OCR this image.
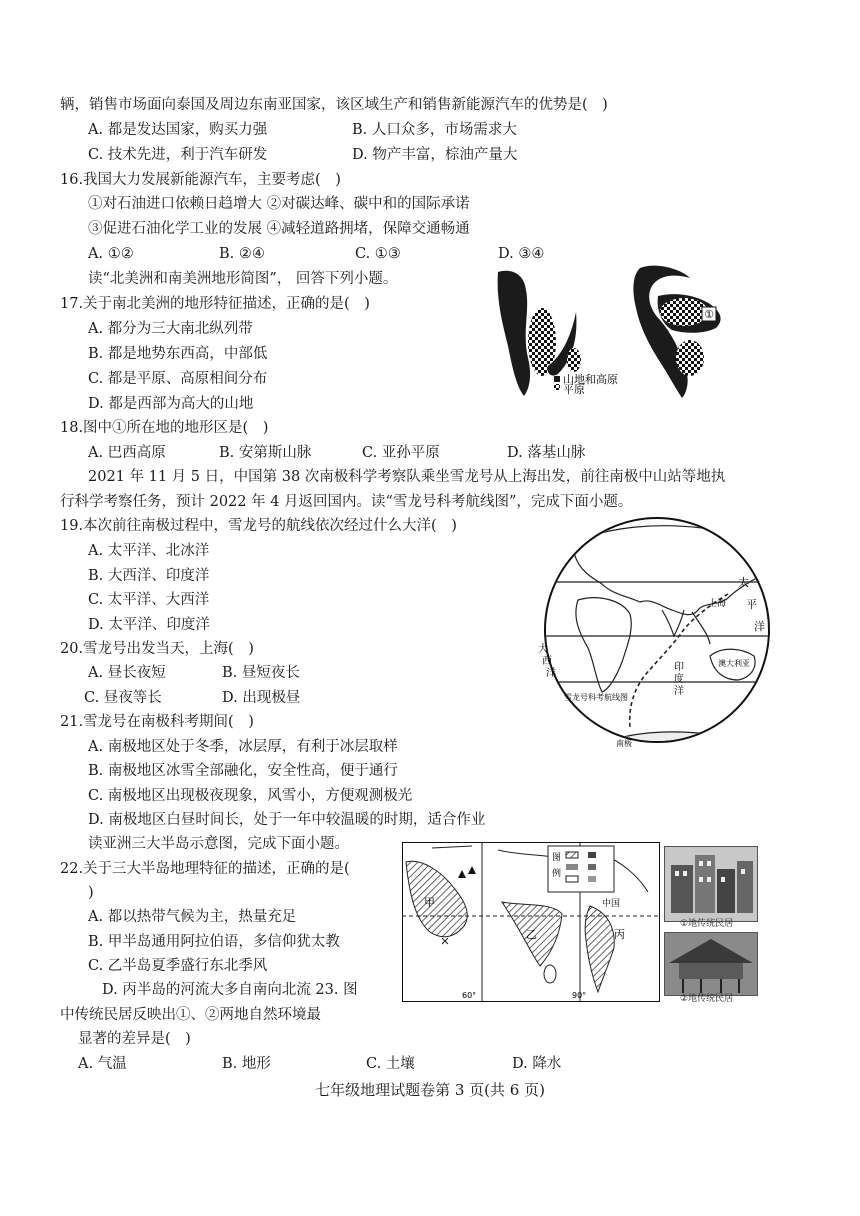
辆，销售市场面向泰国及周边东南亚国家，该区域生产和销售新能源汽车的优势是(　)
A. 都是发达国家，购买力强	B. 人口众多，市场需求大
C. 技术先进，利于汽车研发	D. 物产丰富，棕油产量大
16.我国大力发展新能源汽车，主要考虑(　)
①对石油进口依赖日趋增大 ②对碳达峰、碳中和的国际承诺
③促进石油化学工业的发展 ④减轻道路拥堵，保障交通畅通
A. ①②	B. ②④	C. ①③	D. ③④
读“北美洲和南美洲地形简图”， 回答下列小题。
17.关于南北美洲的地形特征描述，正确的是(　)
A. 都分为三大南北纵列带
B. 都是地势东西高，中部低
C. 都是平原、高原相间分布
D. 都是西部为高大的山地
18.图中①所在地的地形区是(　)
A. 巴西高原	B. 安第斯山脉	C. 亚孙平原	D. 落基山脉
2021 年 11 月 5 日，中国第 38 次南极科学考察队乘坐雪龙号从上海出发，前往南极中山站等地执
行科学考察任务，预计 2022 年 4 月返回国内。读“雪龙号科考航线图”，完成下面小题。
19.本次前往南极过程中，雪龙号的航线依次经过什么大洋(　)
A. 太平洋、北冰洋
B. 大西洋、印度洋
C. 太平洋、大西洋
D. 太平洋、印度洋
20.雪龙号出发当天，上海(　)
A. 昼长夜短	B. 昼短夜长
C. 昼夜等长	D. 出现极昼
21.雪龙号在南极科考期间(　)
A. 南极地区处于冬季，冰层厚，有利于冰层取样
B. 南极地区冰雪全部融化，安全性高，便于通行
C. 南极地区出现极夜现象，风雪小，方便观测极光
D. 南极地区白昼时间长，处于一年中较温暖的时期，适合作业
读亚洲三大半岛示意图，完成下面小题。
22.关于三大半岛地理特征的描述，正确的是(
)
A. 都以热带气候为主，热量充足
B. 甲半岛通用阿拉伯语，多信仰犹太教
C. 乙半岛夏季盛行东北季风
D. 丙半岛的河流大多自南向北流 23. 图
中传统民居反映出①、②两地自然环境最
显著的差异是(　)
A. 气温	B. 地形	C. 土壤	D. 降水
七年级地理试题卷第 3 页(共 6 页)
①
山地和高原
平原
太
平
洋
上海
大
西
洋
印
度
洋
澳大利亚
南极
雪龙号科考航线图
图
例
甲
乙	丙
中国
60°	90°
①地传统民居
②地传统民居
